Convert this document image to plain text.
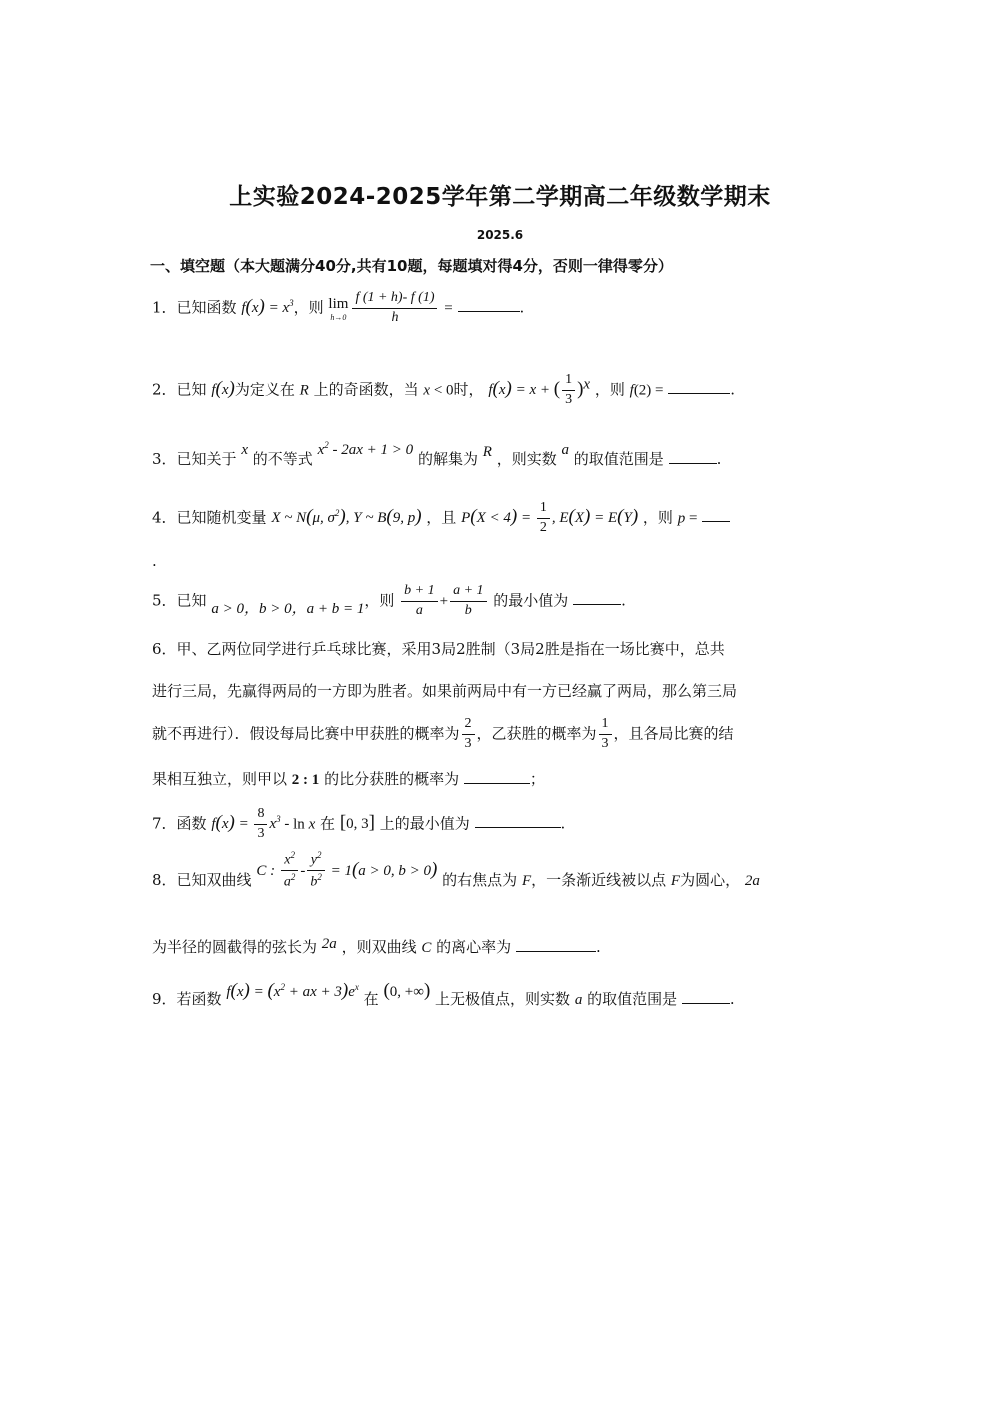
上实验2024-2025学年第二学期高二年级数学期末
2025.6
一、填空题（本大题满分40分,共有10题，每题填对得4分，否则一律得零分）
1．已知函数 $f(x) = x^3$，则 lim
$h\to 0 \frac{f (1 + h)- f (1)}{h}$ =	.
2．已知 f(x)为定义在 R 上的奇函数，当 x < 0时， f(x) = x + ( $\frac{1}{3} )^x$ ，则 f(2) =	.
3．已知关于 x 的不等式 $x^2 - 2ax + 1 > 0$ 的解集为 R ，则实数 a 的取值范围是	.
4．已知随机变量 X ~ N(μ, $\sigma^2$), Y ~ B(9, p) ，且 $P(X < 4) = \frac{1}{2}$ , E(X) = E(Y) ，则 p =
.
5．已知 a > 0，b > 0，a + b = 1，则 $\frac{b + 1}{a} + \frac{a + 1}{b}$ 的最小值为	.
6．甲、乙两位同学进行乒乓球比赛，采用3局2胜制（3局2胜是指在一场比赛中，总共
进行三局，先赢得两局的一方即为胜者。如果前两局中有一方已经赢了两局，那么第三局
就不再进行）．假设每局比赛中甲获胜的概率为 $\frac{2}{3}$ ，乙获胜的概率为 $\frac{1}{3}$ ，且各局比赛的结
果相互独立，则甲以 2 : 1 的比分获胜的概率为	；
7．函数 $f(x) = \frac{8}{3} x^3 - \ln x$ 在 [0, 3] 上的最小值为	.
8．已知双曲线 C : $\frac{x^2}{a^2} - \frac{y^2}{b^2} = 1(a > 0$, b > 0) 的右焦点为 F，一条渐近线被以点 F为圆心， 2a
为半径的圆截得的弦长为 2a ，则双曲线 C 的离心率为	.
9．若函数 $f(x) = (x^2$ + ax + $3)e^x$ 在 (0, +∞) 上无极值点，则实数 a 的取值范围是	.
